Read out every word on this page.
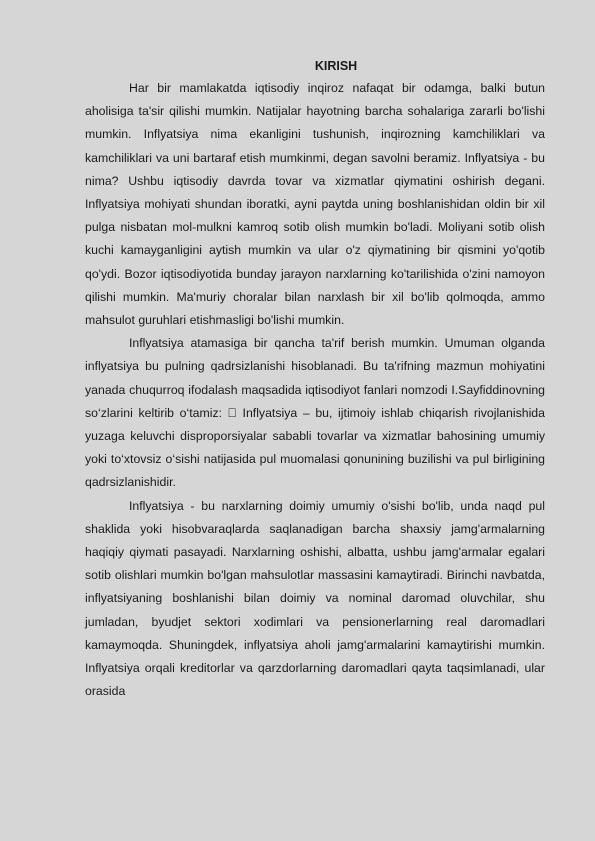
​
KIRISH

Har bir mamlakatda iqtisodiy inqiroz nafaqat bir odamga, balki butun aholisiga ta'sir qilishi mumkin. Natijalar hayotning barcha sohalariga zararli bo'lishi mumkin. Inflyatsiya nima ekanligini tushunish, inqirozning kamchiliklari va kamchiliklari va uni bartaraf etish mumkinmi, degan savolni beramiz. Inflyatsiya - bu nima? Ushbu iqtisodiy davrda tovar va xizmatlar qiymatini oshirish degani. Inflyatsiya mohiyati shundan iboratki, ayni paytda uning boshlanishidan oldin bir xil pulga nisbatan mol-mulkni kamroq sotib olish mumkin bo'ladi. Moliyani sotib olish kuchi kamayganligini aytish mumkin va ular o'z qiymatining bir qismini yo'qotib qo'ydi. Bozor iqtisodiyotida bunday jarayon narxlarning ko'tarilishida o'zini namoyon qilishi mumkin. Ma'muriy choralar bilan narxlash bir xil bo'lib qolmoqda, ammo mahsulot guruhlari etishmasligi bo'lishi mumkin.

Inflyatsiya atamasiga bir qancha ta'rif berish mumkin. Umuman olganda inflyatsiya bu pulning qadrsizlanishi hisoblanadi. Bu ta'rifning mazmun mohiyatini yanada chuqurroq ifodalash maqsadida iqtisodiyot fanlari nomzodi I.Sayfiddinovning so‘zlarini keltirib o‘tamiz: Inflyatsiya – bu, ijtimoiy ishlab chiqarish rivojlanishida yuzaga keluvchi disproporsiyalar sababli tovarlar va xizmatlar bahosining umumiy yoki to‘xtovsiz o‘sishi natijasida pul muomalasi qonunining buzilishi va pul birligining qadrsizlanishidir.

Inflyatsiya - bu narxlarning doimiy umumiy o'sishi bo'lib, unda naqd pul shaklida yoki hisobvaraqlarda saqlanadigan barcha shaxsiy jamg'armalarning haqiqiy qiymati pasayadi. Narxlarning oshishi, albatta, ushbu jamg'armalar egalari sotib olishlari mumkin bo'lgan mahsulotlar massasini kamaytiradi. Birinchi navbatda, inflyatsiyaning boshlanishi bilan doimiy va nominal daromad oluvchilar, shu jumladan, byudjet sektori xodimlari va pensionerlarning real daromadlari kamaymoqda. Shuningdek, inflyatsiya aholi jamg'armalarini kamaytirishi mumkin. Inflyatsiya orqali kreditorlar va qarzdorlarning daromadlari qayta taqsimlanadi, ular orasida
